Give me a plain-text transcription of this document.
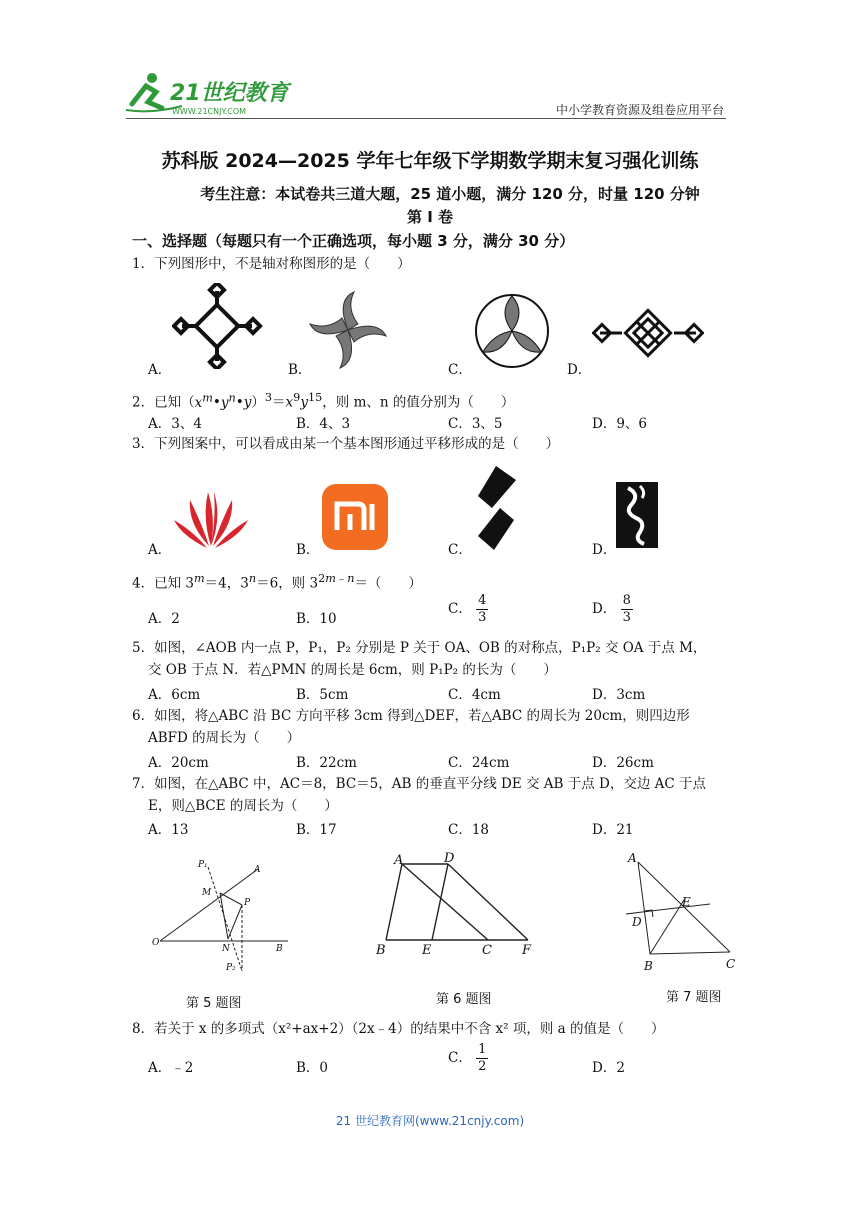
21世纪教育
WWW.21CNJY.COM	中小学教育资源及组卷应用平台
苏科版 2024—2025 学年七年级下学期数学期末复习强化训练
考生注意：本试卷共三道大题，25 道小题，满分 120 分，时量 120 分钟
第 I 卷
一、选择题（每题只有一个正确选项，每小题 3 分，满分 30 分）
1．下列图形中，不是轴对称图形的是（　　）
A．	B．	C．	D．
2．已知$(x^m•y^n•y)^3=x^9y^{15}$，则 m、n 的值分别为（　　）
A．3、4	B．4、3	C．3、5	D．9、6
3．下列图案中，可以看成由某一个基本图形通过平移形成的是（　　）
A．	B．	C．	D．
4．已知 $3^m=4$，$3^n=6$，则 $3^{2m﹣n}=$（　　）
A．2	B．10
C． $\frac{4}{3}$	D． $\frac{8}{3}$
5．如图，∠AOB 内一点 P，P₁，P₂ 分别是 P 关于 OA、OB 的对称点，P₁P₂ 交 OA 于点 M，
交 OB 于点 N．若△PMN 的周长是 6cm，则 P₁P₂ 的长为（　　）
A．6cm	B．5cm	C．4cm	D．3cm
6．如图，将△ABC 沿 BC 方向平移 3cm 得到△DEF，若△ABC 的周长为 20cm，则四边形
ABFD 的周长为（　　）
A．20cm	B．22cm	C．24cm	D．26cm
7．如图，在△ABC 中，AC＝8，BC＝5，AB 的垂直平分线 DE 交 AB 于点 D，交边 AC 于点
E，则△BCE 的周长为（　　）
A．13	B．17	C．18	D．21
P₁	A
M
P
O
N	B
P₂
第 5 题图
A	D
B	E	C F
第 6 题图
A
E
D
B	C
第 7 题图
8．若关于 x 的多项式（x²+ax+2）（2x﹣4）的结果中不含 x² 项，则 a 的值是（　　）
A．﹣2	B．0
C． $\frac{1}{2}$	D．2
21 世纪教育网(www.21cnjy.com)
